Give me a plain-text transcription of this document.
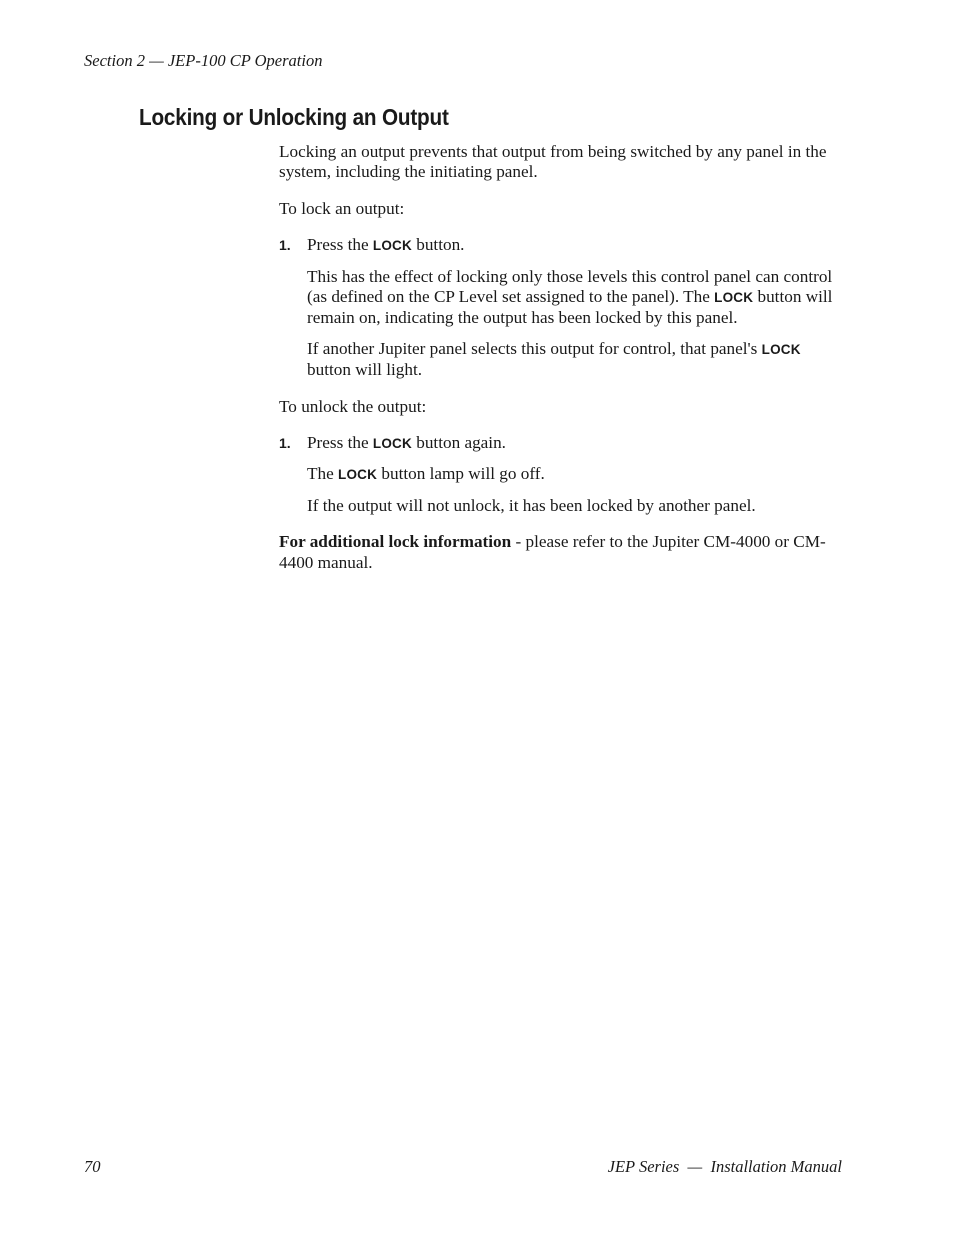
Section 2 — JEP-100 CP Operation
Locking or Unlocking an Output

Locking an output prevents that output from being switched by any panel in the system, including the initiating panel.

To lock an output:

1. Press the LOCK button.

This has the effect of locking only those levels this control panel can control (as defined on the CP Level set assigned to the panel). The LOCK button will remain on, indicating the output has been locked by this panel.

If another Jupiter panel selects this output for control, that panel's LOCK button will light.

To unlock the output:

1. Press the LOCK button again.

The LOCK button lamp will go off.

If the output will not unlock, it has been locked by another panel.

For additional lock information - please refer to the Jupiter CM-4000 or CM-4400 manual.

70	JEP Series  —  Installation Manual
